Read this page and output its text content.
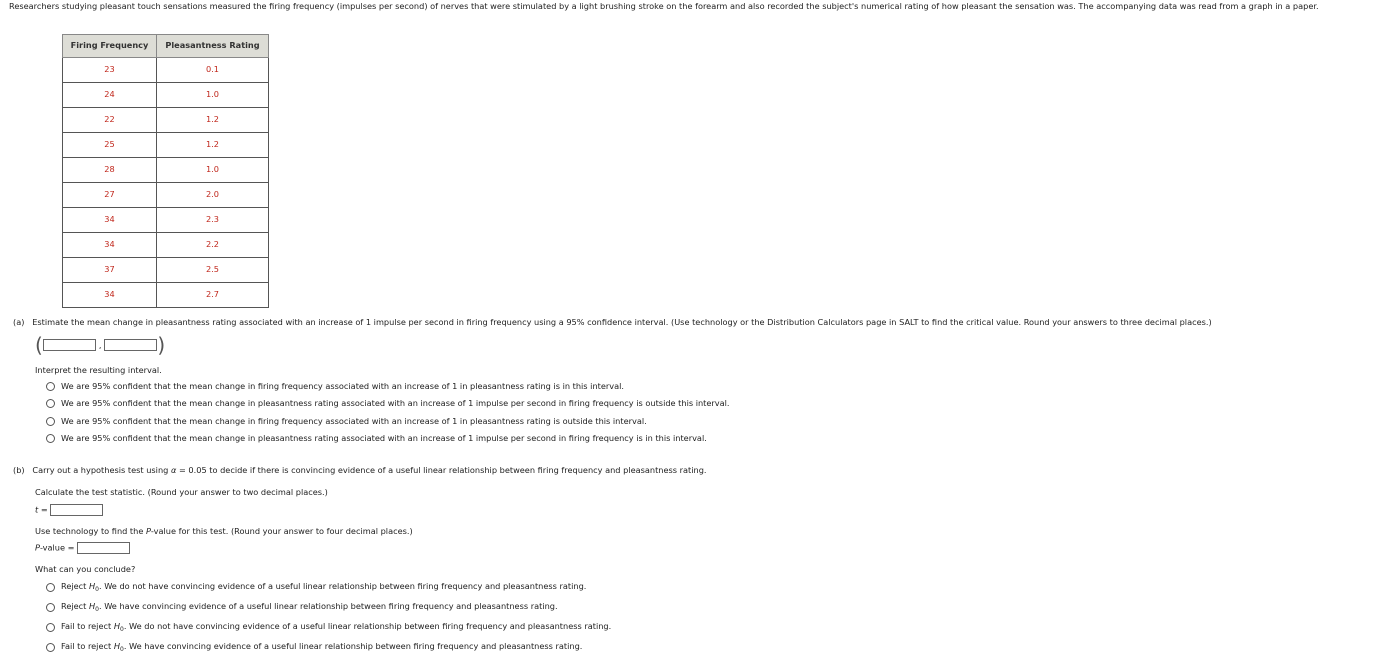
Researchers studying pleasant touch sensations measured the firing frequency (impulses per second) of nerves that were stimulated by a light brushing stroke on the forearm and also recorded the subject's numerical rating of how pleasant the sensation was. The accompanying data was read from a graph in a paper.
Firing Frequency	Pleasantness Rating
23	0.1
24	1.0
22	1.2
25	1.2
28	1.0
27	2.0
34	2.3
34	2.2
37	2.5
34	2.7
(a) Estimate the mean change in pleasantness rating associated with an increase of 1 impulse per second in firing frequency using a 95% confidence interval. (Use technology or the Distribution Calculators page in SALT to find the critical value. Round your answers to three decimal places.)
(	,	)
Interpret the resulting interval.
We are 95% confident that the mean change in firing frequency associated with an increase of 1 in pleasantness rating is in this interval.
We are 95% confident that the mean change in pleasantness rating associated with an increase of 1 impulse per second in firing frequency is outside this interval.
We are 95% confident that the mean change in firing frequency associated with an increase of 1 in pleasantness rating is outside this interval.
We are 95% confident that the mean change in pleasantness rating associated with an increase of 1 impulse per second in firing frequency is in this interval.
(b) Carry out a hypothesis test using α = 0.05 to decide if there is convincing evidence of a useful linear relationship between firing frequency and pleasantness rating.
Calculate the test statistic. (Round your answer to two decimal places.)
t =
Use technology to find the P-value for this test. (Round your answer to four decimal places.)
P-value =
What can you conclude?
Reject $H_0$. We do not have convincing evidence of a useful linear relationship between firing frequency and pleasantness rating.
Reject $H_0$. We have convincing evidence of a useful linear relationship between firing frequency and pleasantness rating.
Fail to reject $H_0$. We do not have convincing evidence of a useful linear relationship between firing frequency and pleasantness rating.
Fail to reject $H_0$. We have convincing evidence of a useful linear relationship between firing frequency and pleasantness rating.
